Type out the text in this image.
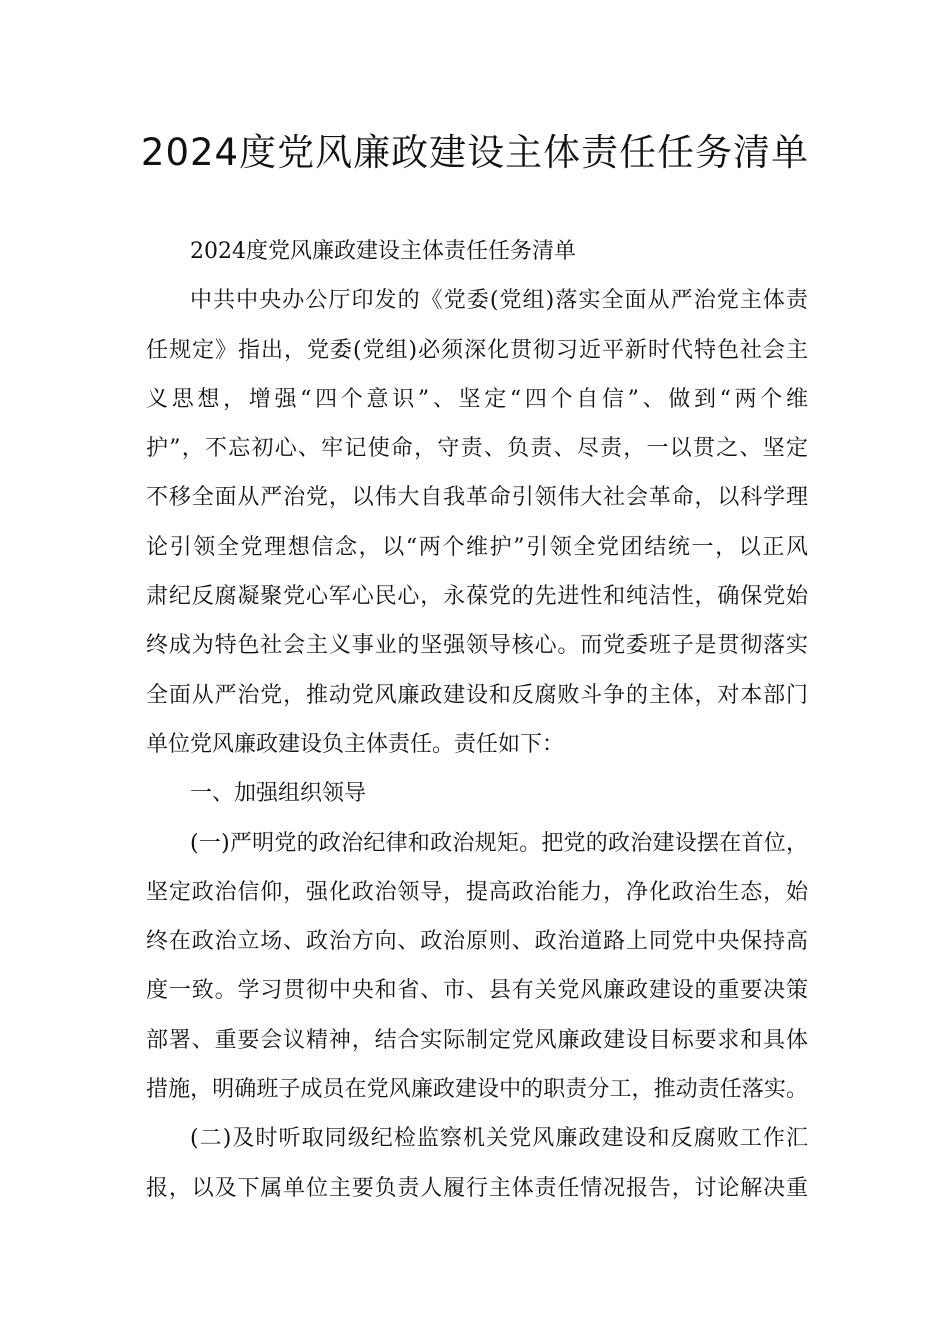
2024度党风廉政建设主体责任任务清单
2024度党风廉政建设主体责任任务清单
中共中央办公厅印发的《党委(党组)落实全面从严治党主体责
任规定》指出，党委(党组)必须深化贯彻习近平新时代特色社会主
义思想，增强“四个意识”、坚定“四个自信”、做到“两个维
护”，不忘初心、牢记使命，守责、负责、尽责，一以贯之、坚定
不移全面从严治党，以伟大自我革命引领伟大社会革命，以科学理
论引领全党理想信念，以“两个维护”引领全党团结统一，以正风
肃纪反腐凝聚党心军心民心，永葆党的先进性和纯洁性，确保党始
终成为特色社会主义事业的坚强领导核心。而党委班子是贯彻落实
全面从严治党，推动党风廉政建设和反腐败斗争的主体，对本部门
单位党风廉政建设负主体责任。责任如下：
一、加强组织领导
(一)严明党的政治纪律和政治规矩。把党的政治建设摆在首位，
坚定政治信仰，强化政治领导，提高政治能力，净化政治生态，始
终在政治立场、政治方向、政治原则、政治道路上同党中央保持高
度一致。学习贯彻中央和省、市、县有关党风廉政建设的重要决策
部署、重要会议精神，结合实际制定党风廉政建设目标要求和具体
措施，明确班子成员在党风廉政建设中的职责分工，推动责任落实。
(二)及时听取同级纪检监察机关党风廉政建设和反腐败工作汇
报，以及下属单位主要负责人履行主体责任情况报告，讨论解决重
